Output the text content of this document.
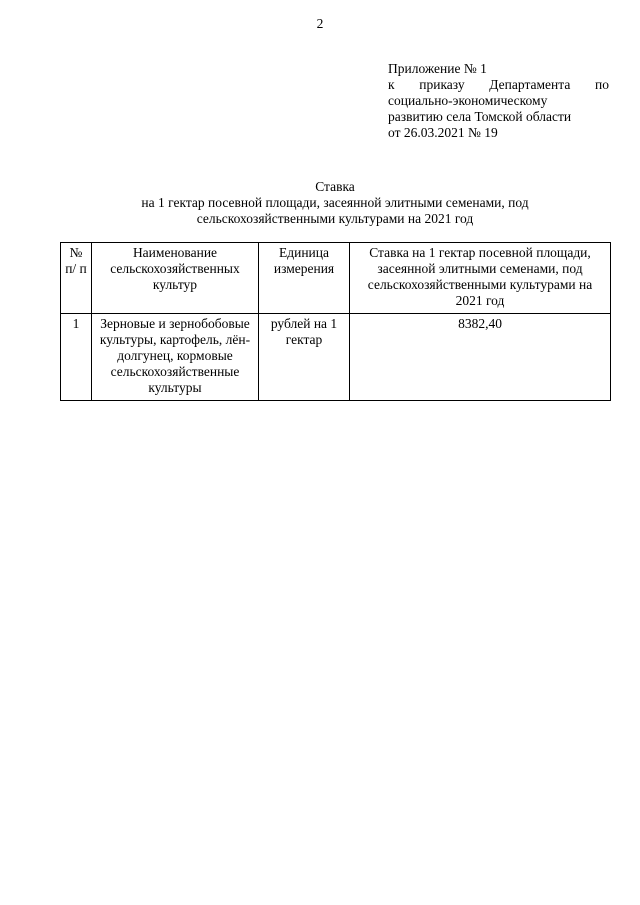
2
Приложение № 1
к приказу Департамента по
социально-экономическому
развитию села Томской области
от 26.03.2021 № 19
Ставка
на 1 гектар посевной площади, засеянной элитными семенами, под
сельскохозяйственными культурами на 2021 год
№ п/ п	Наименование сельскохозяйственных культур	Единица измерения	Ставка на 1 гектар посевной площади, засеянной элитными семенами, под сельскохозяйственными культурами на 2021 год
1	Зерновые и зернобобовые культуры, картофель, лён-долгунец, кормовые сельскохозяйственные культуры	рублей на 1 гектар	8382,40
